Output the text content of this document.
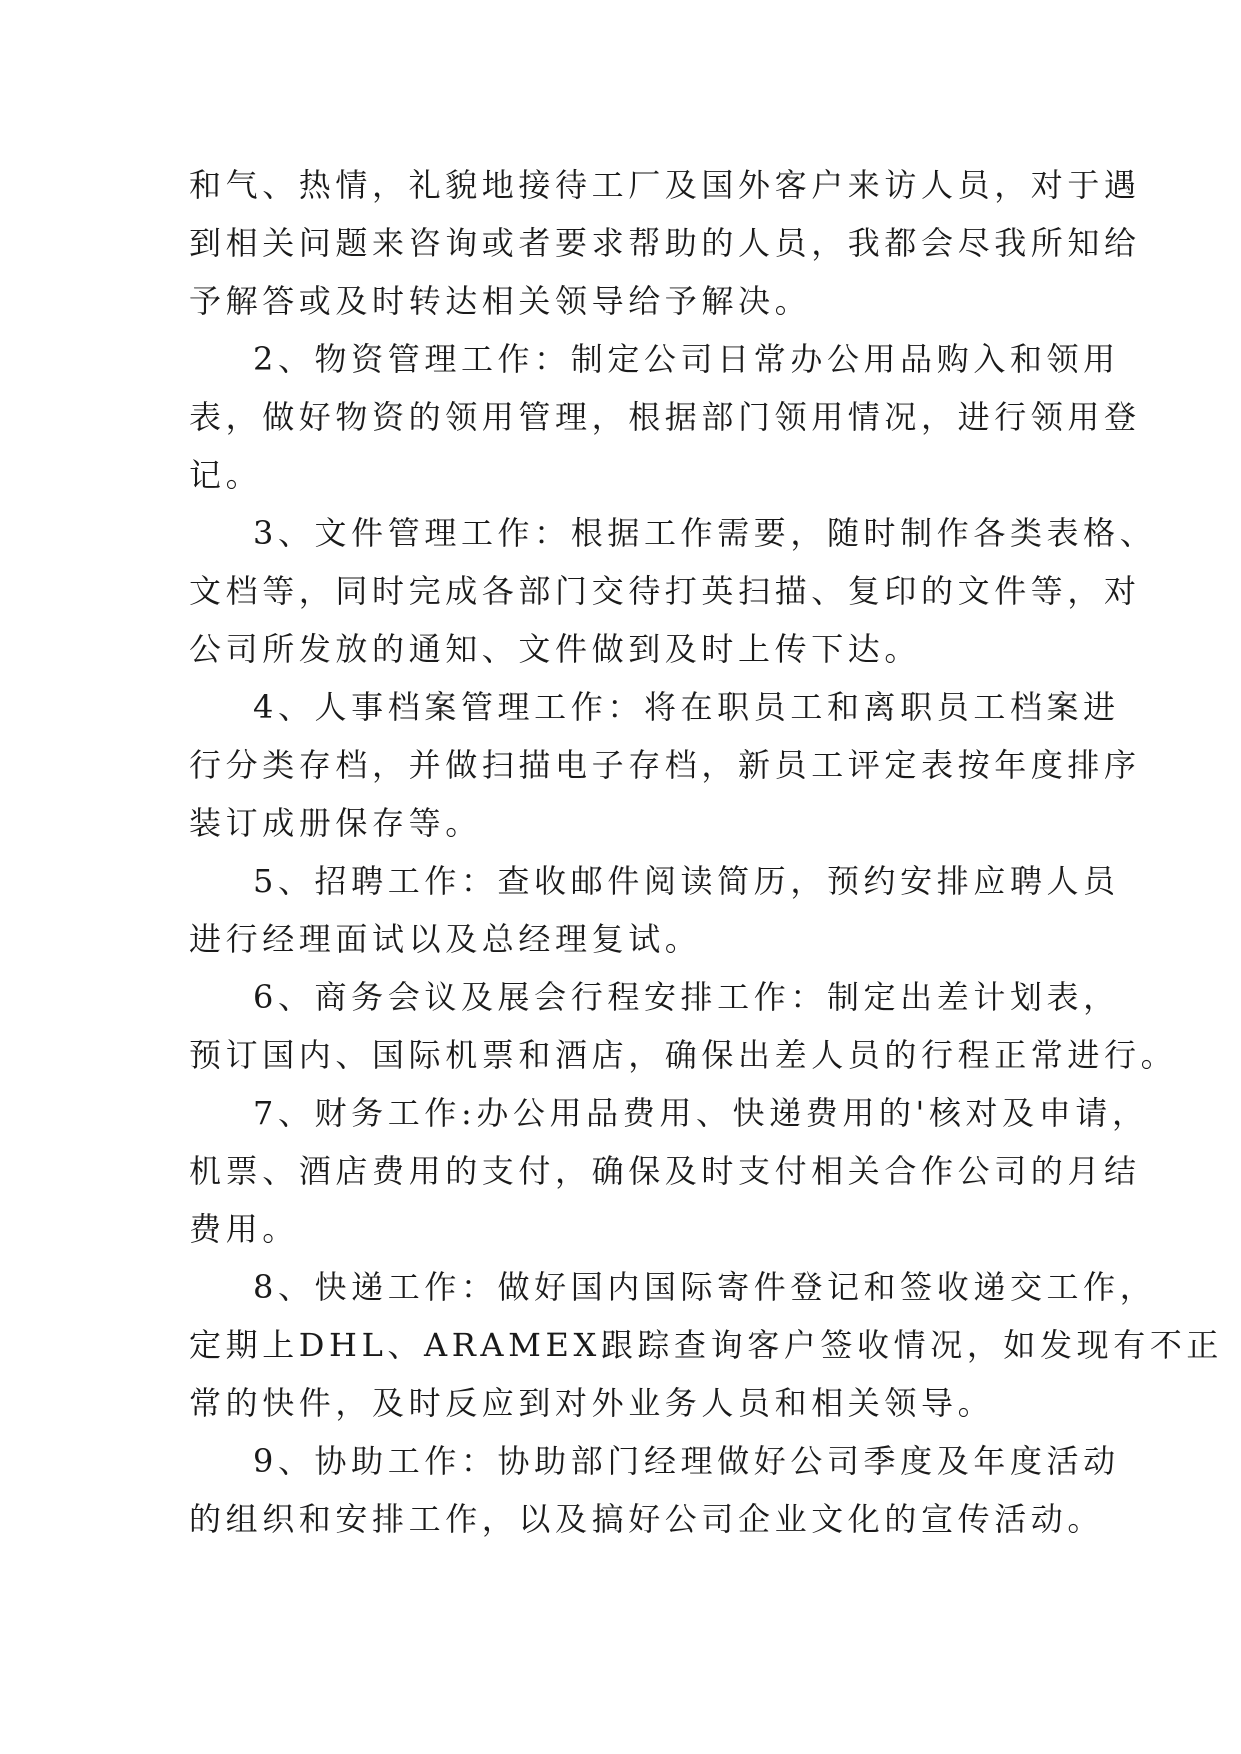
和气、热情，礼貌地接待工厂及国外客户来访人员，对于遇
到相关问题来咨询或者要求帮助的人员，我都会尽我所知给
予解答或及时转达相关领导给予解决。
2、物资管理工作：制定公司日常办公用品购入和领用
表，做好物资的领用管理，根据部门领用情况，进行领用登
记。
3、文件管理工作：根据工作需要，随时制作各类表格、
文档等，同时完成各部门交待打英扫描、复印的文件等，对
公司所发放的通知、文件做到及时上传下达。
4、人事档案管理工作：将在职员工和离职员工档案进
行分类存档，并做扫描电子存档，新员工评定表按年度排序
装订成册保存等。
5、招聘工作：查收邮件阅读简历，预约安排应聘人员
进行经理面试以及总经理复试。
6、商务会议及展会行程安排工作：制定出差计划表，
预订国内、国际机票和酒店，确保出差人员的行程正常进行。
7、财务工作:办公用品费用、快递费用的'核对及申请，
机票、酒店费用的支付，确保及时支付相关合作公司的月结
费用。
8、快递工作：做好国内国际寄件登记和签收递交工作，
定期上DHL、ARAMEX跟踪查询客户签收情况，如发现有不正
常的快件，及时反应到对外业务人员和相关领导。
9、协助工作：协助部门经理做好公司季度及年度活动
的组织和安排工作，以及搞好公司企业文化的宣传活动。
